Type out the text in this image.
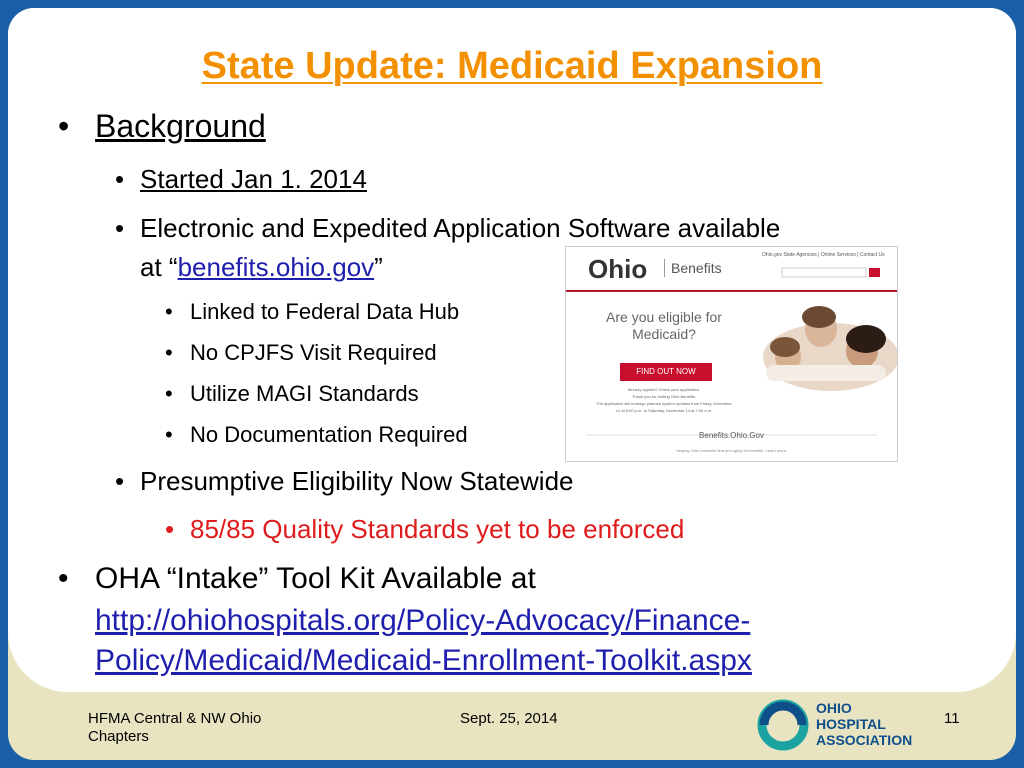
State Update: Medicaid Expansion
• Background
• Started Jan 1. 2014
• Electronic and Expedited Application Software available
at “benefits.ohio.gov”
• Linked to Federal Data Hub
• No CPJFS Visit Required
• Utilize MAGI Standards
• No Documentation Required
• Presumptive Eligibility Now Statewide
• 85/85 Quality Standards yet to be enforced
• OHA “Intake” Tool Kit Available at
http://ohiohospitals.org/Policy-Advocacy/Finance-
Policy/Medicaid/Medicaid-Enrollment-Toolkit.aspx
Ohio	Benefits
Ohio.gov State Agencies | Online Services | Contact Us
Are you eligible for
Medicaid?
FIND OUT NOW
Already applied? Check your application.
Thank you for visiting Ohio Benefits.
The application will undergo planned system updates from Friday, December
14 at 5:00 p.m. to Saturday, December 14 at 7:00 a.m.
Benefits.Ohio.Gov
Helping Ohio residents find and apply for benefits. Learn more.
HFMA Central & NW Ohio
Chapters
Sept. 25, 2014	11
OHIO
HOSPITAL
ASSOCIATION
